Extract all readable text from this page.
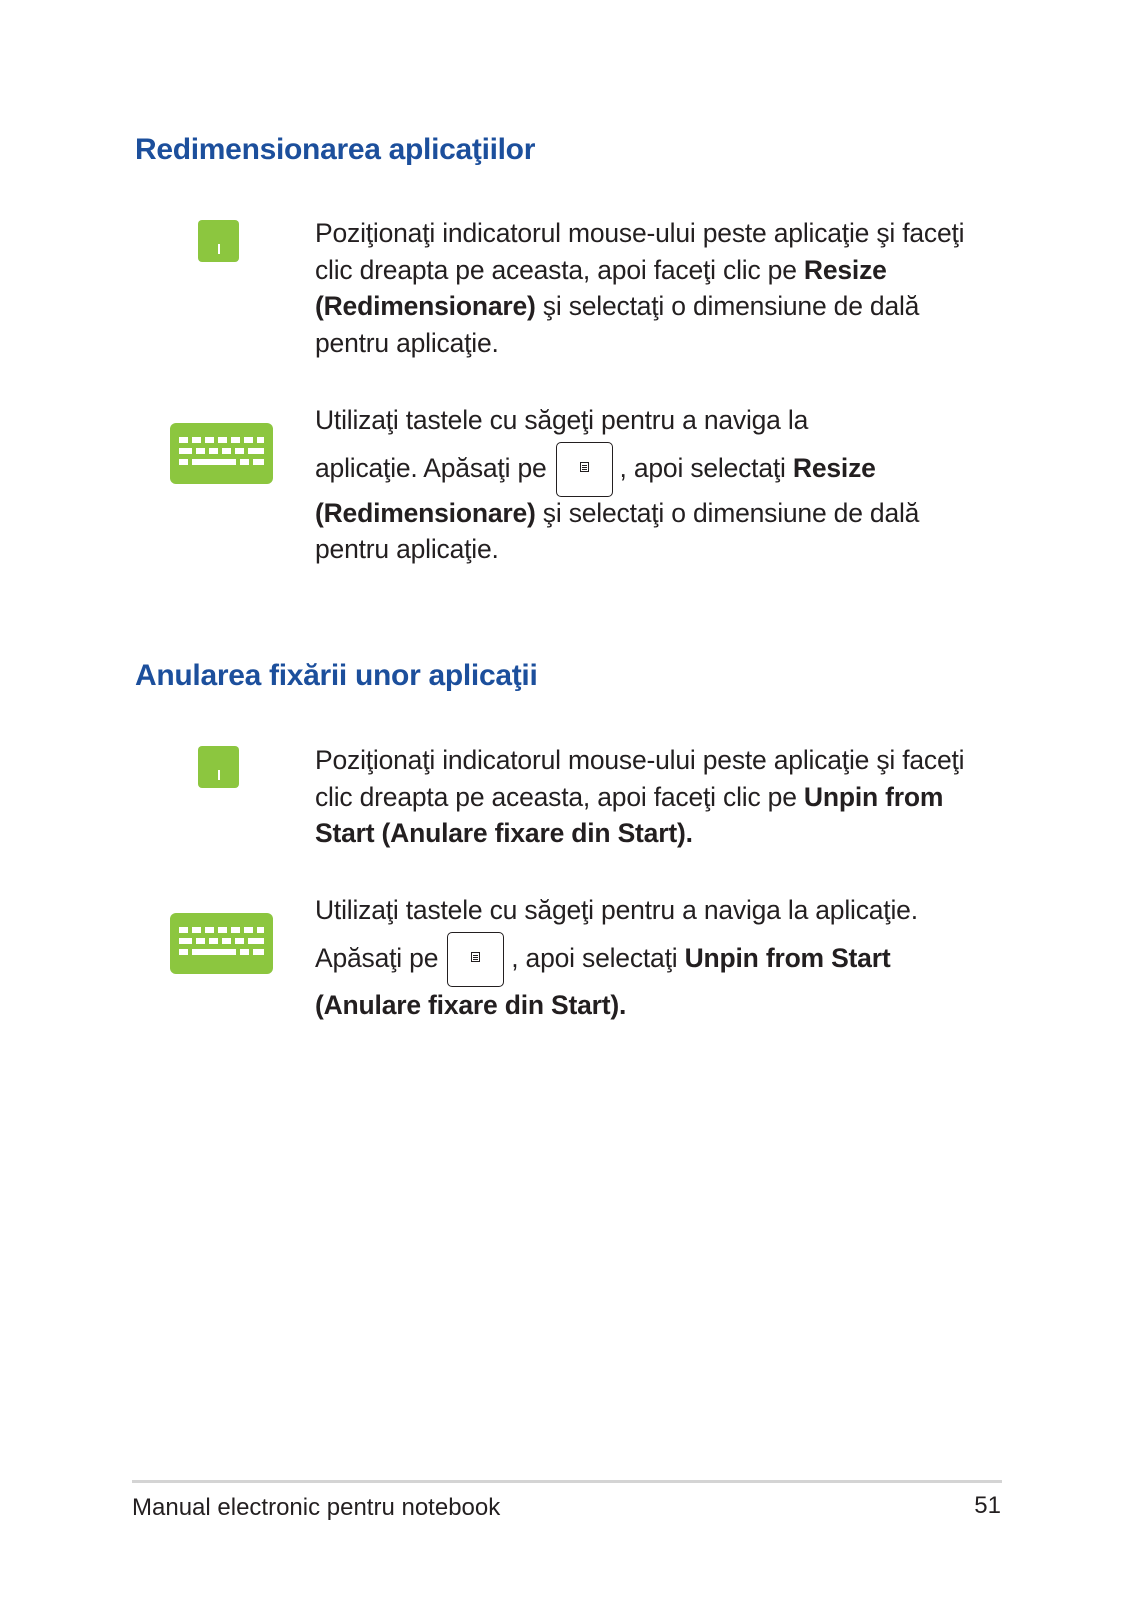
Redimensionarea aplicaţiilor

Poziţionaţi indicatorul mouse-ului peste aplicaţie şi faceţi clic dreapta pe aceasta, apoi faceţi clic pe Resize (Redimensionare) şi selectaţi o dimensiune de dală pentru aplicaţie.

Utilizaţi tastele cu săgeţi pentru a naviga la
aplicaţie. Apăsaţi pe	, apoi selectaţi Resize
(Redimensionare) şi selectaţi o dimensiune de dală
pentru aplicaţie.
Anularea fixării unor aplicaţii

Poziţionaţi indicatorul mouse-ului peste aplicaţie şi faceţi clic dreapta pe aceasta, apoi faceţi clic pe Unpin from Start (Anulare fixare din Start).

Utilizaţi tastele cu săgeţi pentru a naviga la aplicaţie.
Apăsaţi pe	, apoi selectaţi Unpin from Start
(Anulare fixare din Start).
Manual electronic pentru notebook	51
